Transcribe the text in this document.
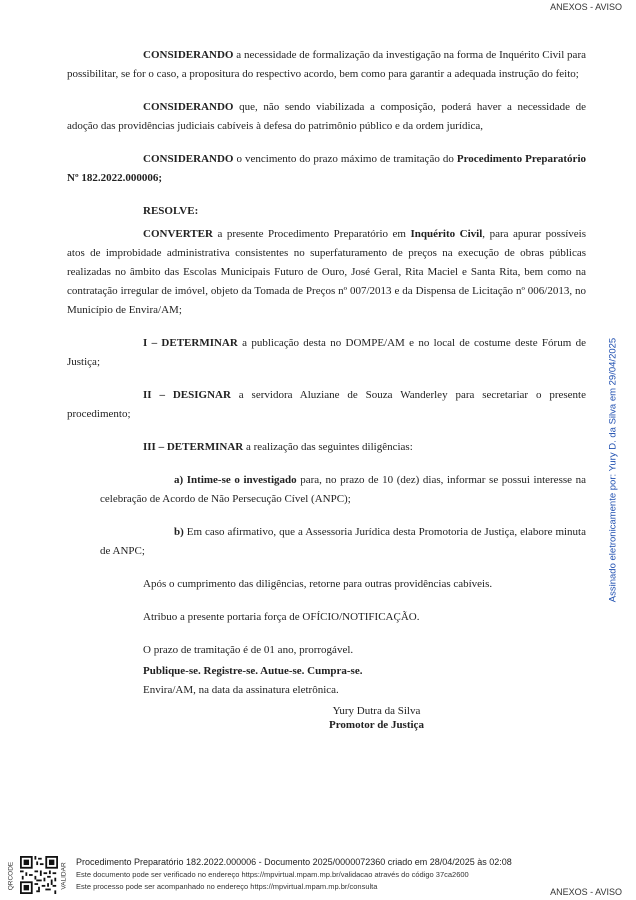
ANEXOS - AVISO
Assinado eletronicamente por: Yury D. da Silva em 29/04/2025

CONSIDERANDO a necessidade de formalização da investigação na forma de Inquérito Civil para possibilitar, se for o caso, a propositura do respectivo acordo, bem como para garantir a adequada instrução do feito;

CONSIDERANDO que, não sendo viabilizada a composição, poderá haver a necessidade de adoção das providências judiciais cabíveis à defesa do patrimônio público e da ordem jurídica,

CONSIDERANDO o vencimento do prazo máximo de tramitação do Procedimento Preparatório Nº 182.2022.000006;

RESOLVE:

CONVERTER a presente Procedimento Preparatório em Inquérito Civil, para apurar possíveis atos de improbidade administrativa consistentes no superfaturamento de preços na execução de obras públicas realizadas no âmbito das Escolas Municipais Futuro de Ouro, José Geral, Rita Maciel e Santa Rita, bem como na contratação irregular de imóvel, objeto da Tomada de Preços nº 007/2013 e da Dispensa de Licitação nº 006/2013, no Município de Envira/AM;

I – DETERMINAR a publicação desta no DOMPE/AM e no local de costume deste Fórum de Justiça;

II – DESIGNAR a servidora Aluziane de Souza Wanderley para secretariar o presente procedimento;

III – DETERMINAR a realização das seguintes diligências:

a) Intime-se o investigado para, no prazo de 10 (dez) dias, informar se possui interesse na celebração de Acordo de Não Persecução Cível (ANPC);

b) Em caso afirmativo, que a Assessoria Jurídica desta Promotoria de Justiça, elabore minuta de ANPC;

Após o cumprimento das diligências, retorne para outras providências cabíveis.

Atribuo a presente portaria força de OFÍCIO/NOTIFICAÇÃO.

O prazo de tramitação é de 01 ano, prorrogável.

Publique-se. Registre-se. Autue-se. Cumpra-se.

Envira/AM, na data da assinatura eletrônica.

Yury Dutra da Silva
Promotor de Justiça
QRCODE	VALIDAR
Procedimento Preparatório 182.2022.000006 - Documento 2025/0000072360 criado em 28/04/2025 às 02:08
Este documento pode ser verificado no endereço https://mpvirtual.mpam.mp.br/validacao através do código 37ca2600
Este processo pode ser acompanhado no endereço https://mpvirtual.mpam.mp.br/consulta
ANEXOS - AVISO
